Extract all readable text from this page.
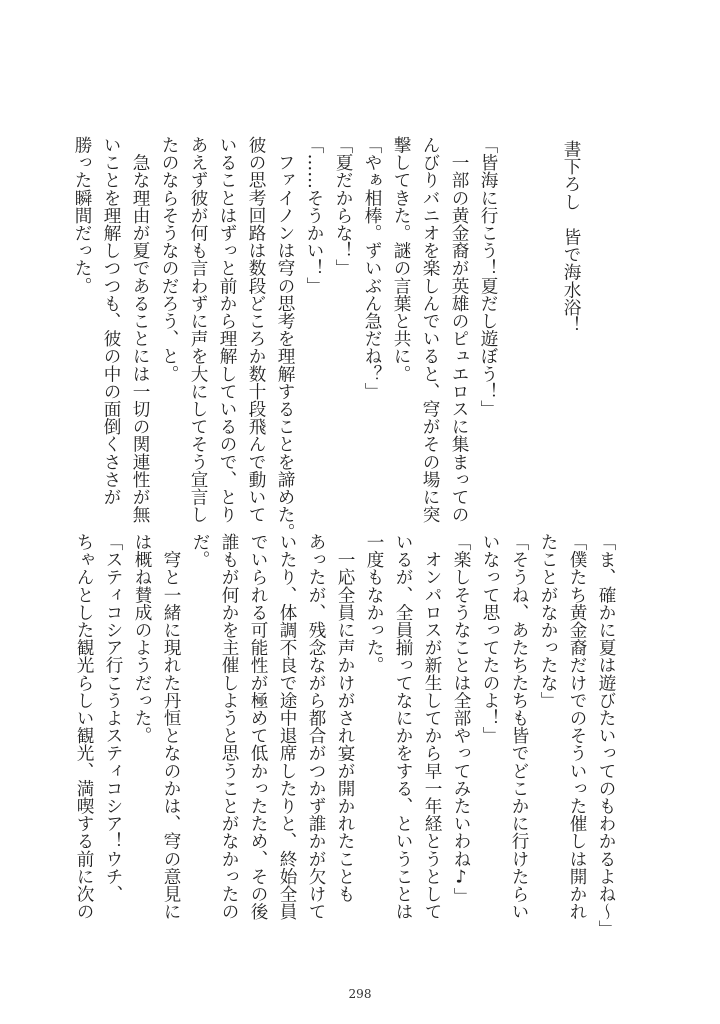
書下ろし　皆で海水浴！
「皆海に行こう！夏だし遊ぼう！」
　一部の黄金裔が英雄のピュエロスに集まっての
んびりバニオを楽しんでいると、穹がその場に突
撃してきた。謎の言葉と共に。
「やぁ相棒。ずいぶん急だね？」
「夏だからな！」
「……そうかい！」
　ファイノンは穹の思考を理解することを諦めた。
彼の思考回路は数段どころか数十段飛んで動いて
いることはずっと前から理解しているので、とり
あえず彼が何も言わずに声を大にしてそう宣言し
たのならそうなのだろう、と。
　急な理由が夏であることには一切の関連性が無
いことを理解しつつも、彼の中の面倒くささが
勝った瞬間だった。
「ま、確かに夏は遊びたいってのもわかるよね～」
「僕たち黄金裔だけでのそういった催しは開かれ
たことがなかったな」
「そうね、あたちたちも皆でどこかに行けたらい
いなって思ってたのよ！」
「楽しそうなことは全部やってみたいわね♪」
　オンパロスが新生してから早一年経とうとして
いるが、全員揃ってなにかをする、ということは
一度もなかった。
　一応全員に声かけがされ宴が開かれたことも
あったが、残念ながら都合がつかず誰かが欠けて
いたり、体調不良で途中退席したりと、終始全員
でいられる可能性が極めて低かったため、その後
誰もが何かを主催しようと思うことがなかったの
だ。
　穹と一緒に現れた丹恒となのかは、穹の意見に
は概ね賛成のようだった。
「スティコシア行こうよスティコシア！ウチ、
ちゃんとした観光らしい観光、満喫する前に次の
298
